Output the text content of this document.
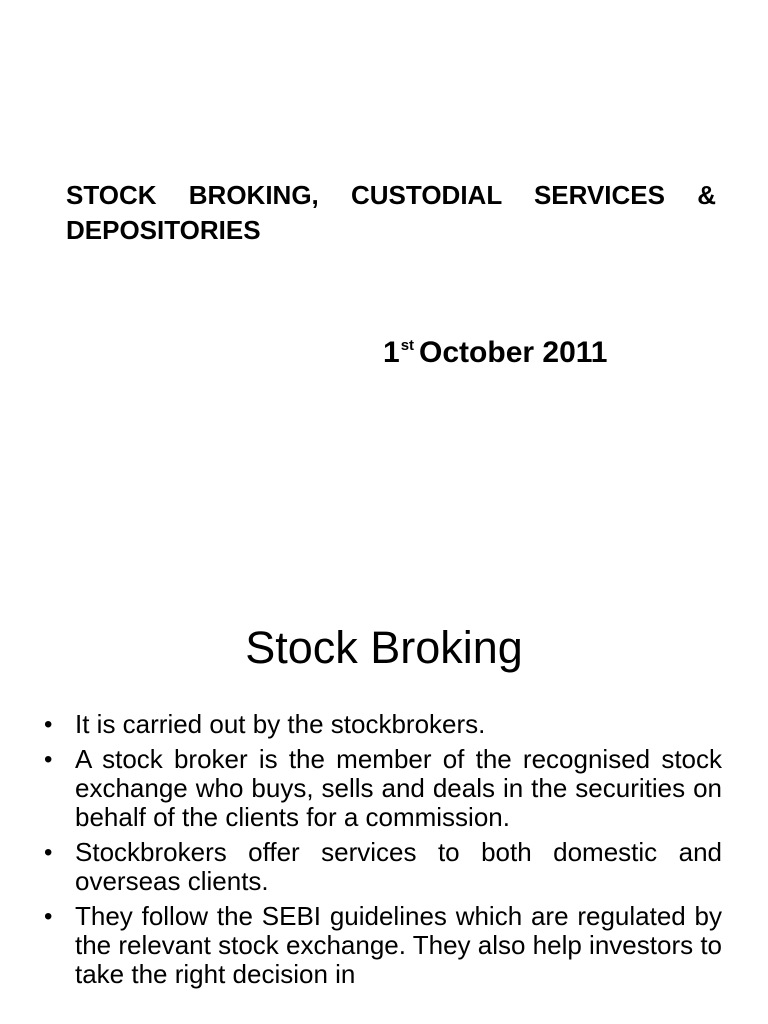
STOCK BROKING, CUSTODIAL SERVICES & DEPOSITORIES
1st October 2011
Stock Broking
• It is carried out by the stockbrokers.
• A stock broker is the member of the recognised stock exchange who buys, sells and deals in the securities on behalf of the clients for a commission.
• Stockbrokers offer services to both domestic and overseas clients.
• They follow the SEBI guidelines which are regulated by the relevant stock exchange. They also help investors to take the right decision in
